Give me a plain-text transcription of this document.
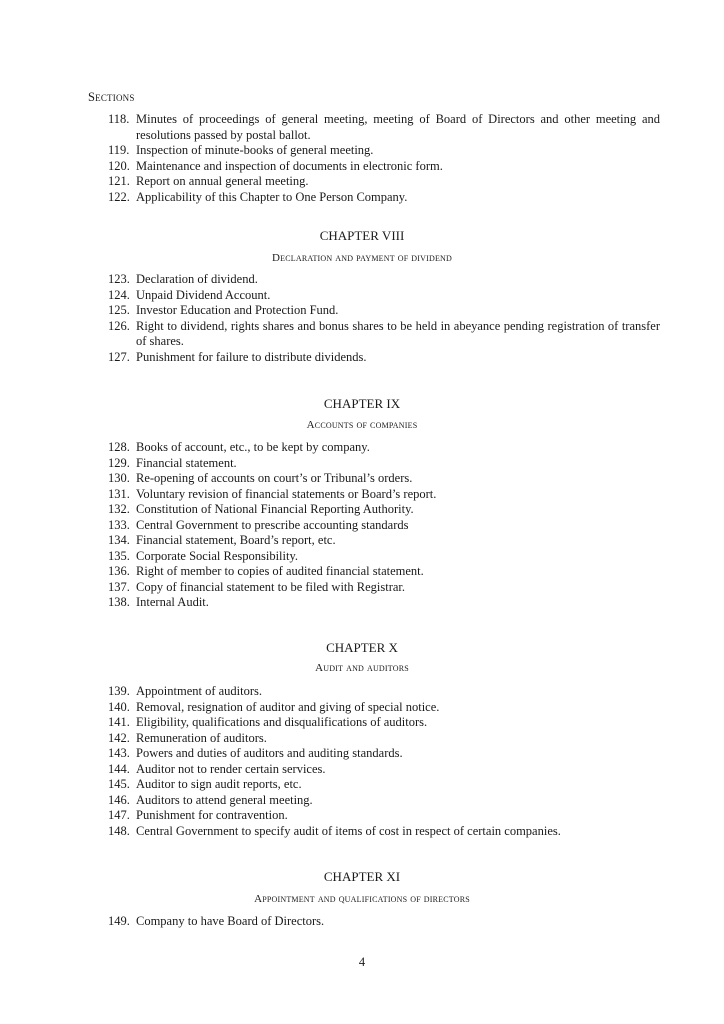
Sections
118. Minutes of proceedings of general meeting, meeting of Board of Directors and other meeting and resolutions passed by postal ballot.
119. Inspection of minute-books of general meeting.
120. Maintenance and inspection of documents in electronic form.
121. Report on annual general meeting.
122. Applicability of this Chapter to One Person Company.
CHAPTER VIII
Declaration and payment of dividend
123. Declaration of dividend.
124. Unpaid Dividend Account.
125. Investor Education and Protection Fund.
126. Right to dividend, rights shares and bonus shares to be held in abeyance pending registration of transfer of shares.
127. Punishment for failure to distribute dividends.
CHAPTER IX
Accounts of companies
128. Books of account, etc., to be kept by company.
129. Financial statement.
130. Re-opening of accounts on court’s or Tribunal’s orders.
131. Voluntary revision of financial statements or Board’s report.
132. Constitution of National Financial Reporting Authority.
133. Central Government to prescribe accounting standards
134. Financial statement, Board’s report, etc.
135. Corporate Social Responsibility.
136. Right of member to copies of audited financial statement.
137. Copy of financial statement to be filed with Registrar.
138. Internal Audit.
CHAPTER X
Audit and auditors
139. Appointment of auditors.
140. Removal, resignation of auditor and giving of special notice.
141. Eligibility, qualifications and disqualifications of auditors.
142. Remuneration of auditors.
143. Powers and duties of auditors and auditing standards.
144. Auditor not to render certain services.
145. Auditor to sign audit reports, etc.
146. Auditors to attend general meeting.
147. Punishment for contravention.
148. Central Government to specify audit of items of cost in respect of certain companies.
CHAPTER XI
Appointment and qualifications of directors
149. Company to have Board of Directors.
4
